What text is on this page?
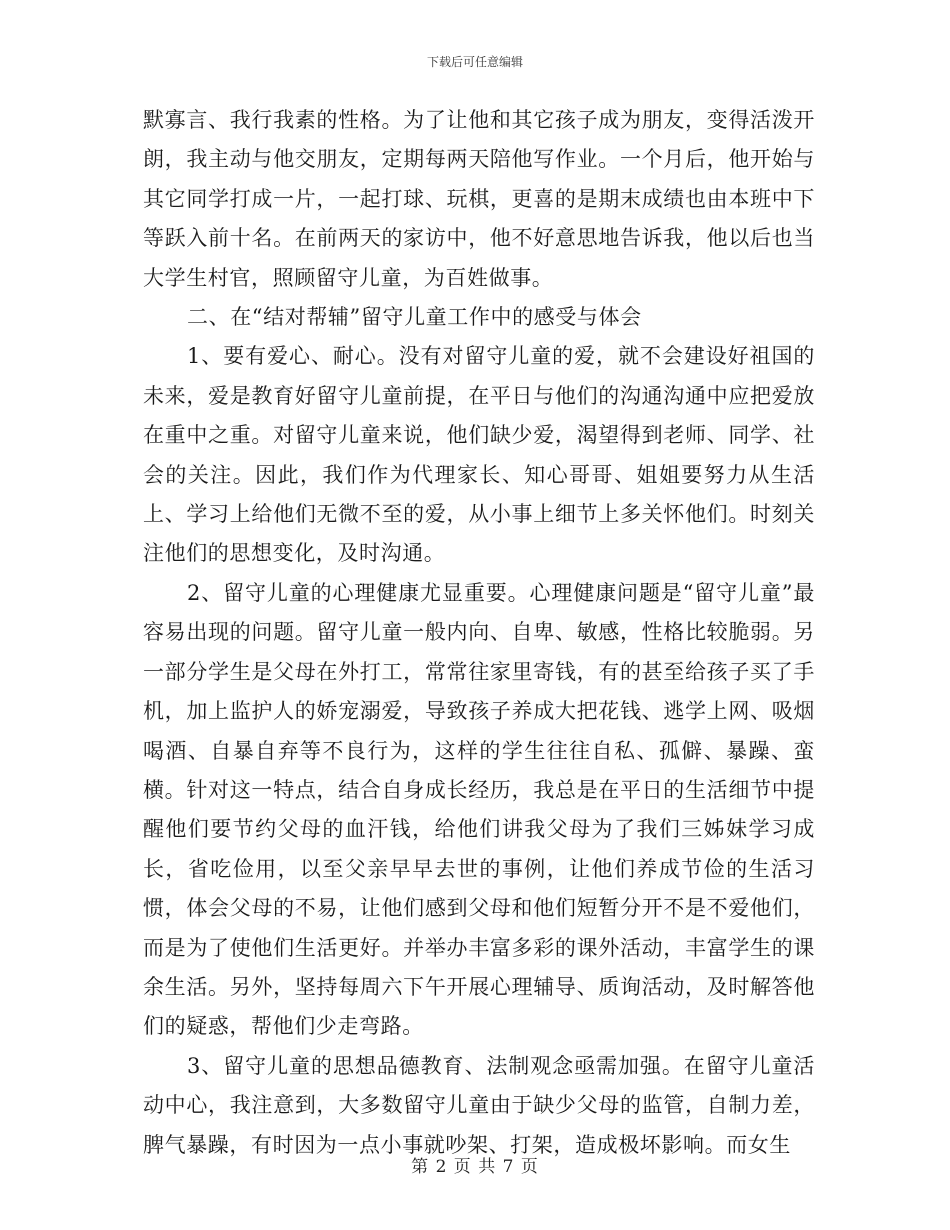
下载后可任意编辑

默寡言、我行我素的性格。为了让他和其它孩子成为朋友，变得活泼开朗，我主动与他交朋友，定期每两天陪他写作业。一个月后，他开始与其它同学打成一片，一起打球、玩棋，更喜的是期末成绩也由本班中下等跃入前十名。在前两天的家访中，他不好意思地告诉我，他以后也当大学生村官，照顾留守儿童，为百姓做事。

二、在“结对帮辅”留守儿童工作中的感受与体会

1、要有爱心、耐心。没有对留守儿童的爱，就不会建设好祖国的未来，爱是教育好留守儿童前提，在平日与他们的沟通沟通中应把爱放在重中之重。对留守儿童来说，他们缺少爱，渴望得到老师、同学、社会的关注。因此，我们作为代理家长、知心哥哥、姐姐要努力从生活上、学习上给他们无微不至的爱，从小事上细节上多关怀他们。时刻关注他们的思想变化，及时沟通。

2、留守儿童的心理健康尤显重要。心理健康问题是“留守儿童”最容易出现的问题。留守儿童一般内向、自卑、敏感，性格比较脆弱。另一部分学生是父母在外打工，常常往家里寄钱，有的甚至给孩子买了手机，加上监护人的娇宠溺爱，导致孩子养成大把花钱、逃学上网、吸烟喝酒、自暴自弃等不良行为，这样的学生往往自私、孤僻、暴躁、蛮横。针对这一特点，结合自身成长经历，我总是在平日的生活细节中提醒他们要节约父母的血汗钱，给他们讲我父母为了我们三姊妹学习成长，省吃俭用，以至父亲早早去世的事例，让他们养成节俭的生活习惯，体会父母的不易，让他们感到父母和他们短暂分开不是不爱他们，而是为了使他们生活更好。并举办丰富多彩的课外活动，丰富学生的课余生活。另外，坚持每周六下午开展心理辅导、质询活动，及时解答他们的疑惑，帮他们少走弯路。

3、留守儿童的思想品德教育、法制观念亟需加强。在留守儿童活动中心，我注意到，大多数留守儿童由于缺少父母的监管，自制力差，脾气暴躁，有时因为一点小事就吵架、打架，造成极坏影响。而女生

第 2 页 共 7 页
